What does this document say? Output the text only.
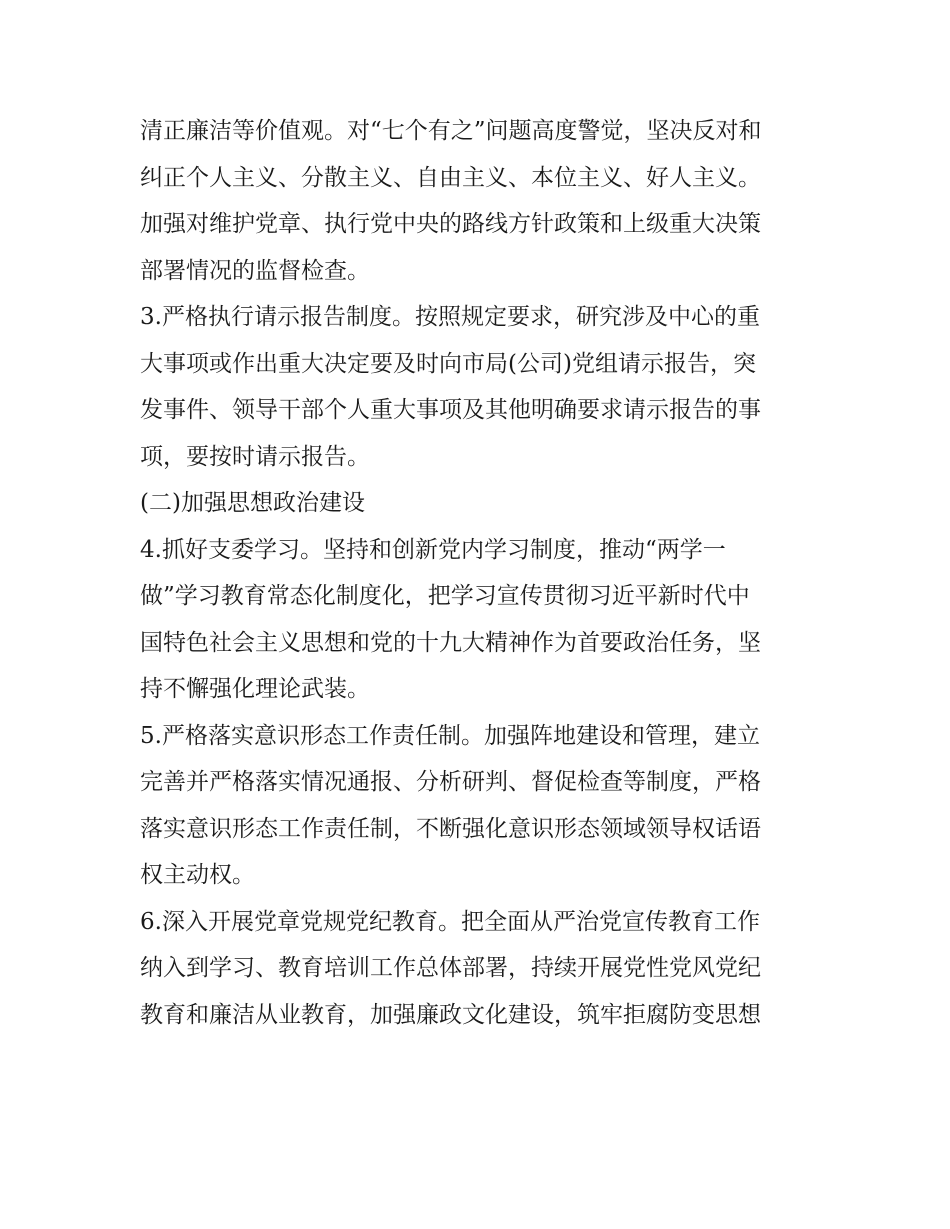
清正廉洁等价值观。对“七个有之”问题高度警觉，坚决反对和
纠正个人主义、分散主义、自由主义、本位主义、好人主义。
加强对维护党章、执行党中央的路线方针政策和上级重大决策
部署情况的监督检查。
3.严格执行请示报告制度。按照规定要求，研究涉及中心的重
大事项或作出重大决定要及时向市局(公司)党组请示报告，突
发事件、领导干部个人重大事项及其他明确要求请示报告的事
项，要按时请示报告。
(二)加强思想政治建设
4.抓好支委学习。坚持和创新党内学习制度，推动“两学一
做”学习教育常态化制度化，把学习宣传贯彻习近平新时代中
国特色社会主义思想和党的十九大精神作为首要政治任务，坚
持不懈强化理论武装。
5.严格落实意识形态工作责任制。加强阵地建设和管理，建立
完善并严格落实情况通报、分析研判、督促检查等制度，严格
落实意识形态工作责任制，不断强化意识形态领域领导权话语
权主动权。
6.深入开展党章党规党纪教育。把全面从严治党宣传教育工作
纳入到学习、教育培训工作总体部署，持续开展党性党风党纪
教育和廉洁从业教育，加强廉政文化建设，筑牢拒腐防变思想
